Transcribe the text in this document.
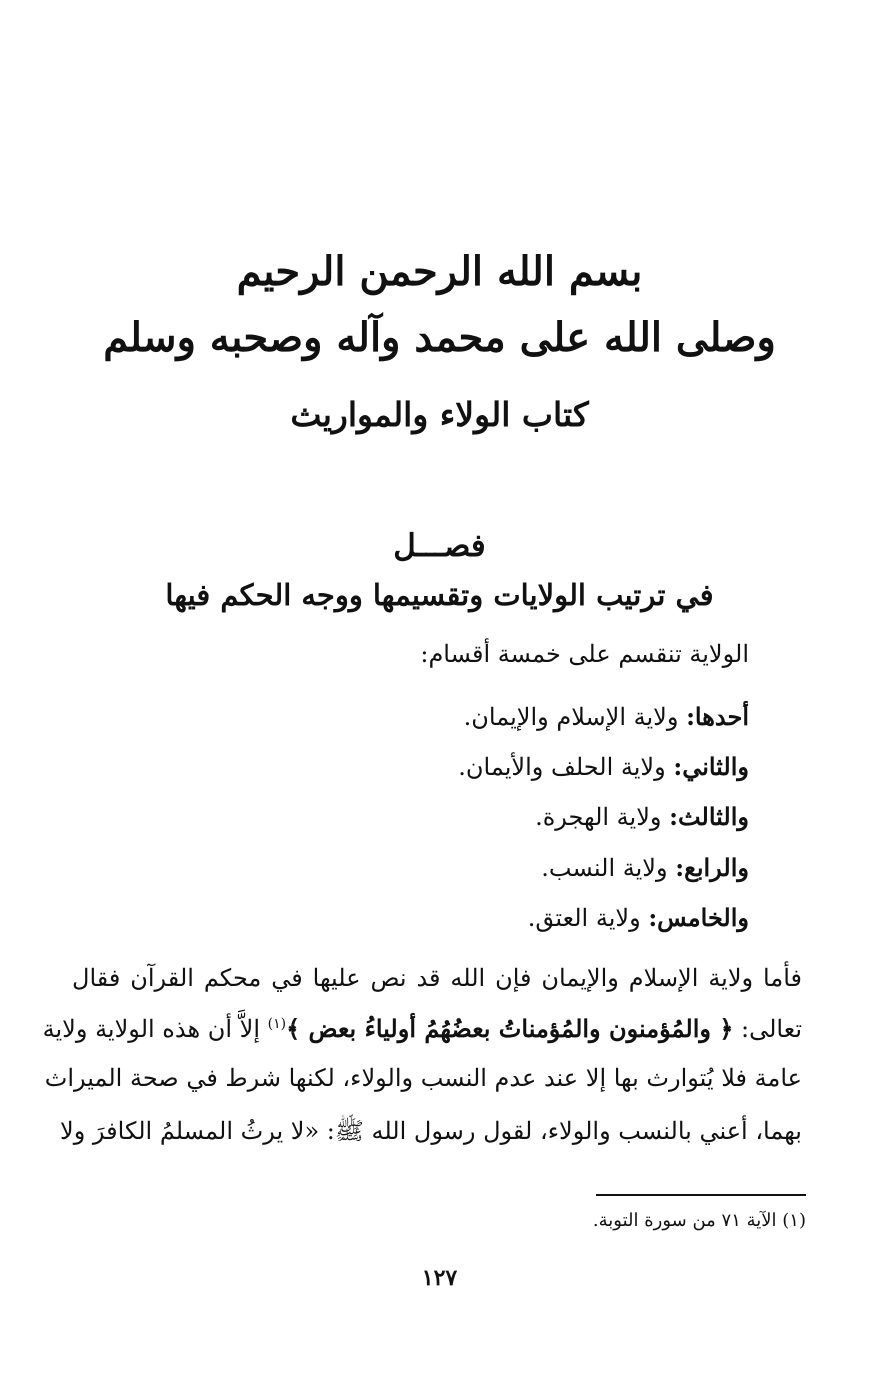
بسم الله الرحمن الرحيم
وصلى الله على محمد وآله وصحبه وسلم
كتاب الولاء والمواريث
فصـــل
في ترتيب الولايات وتقسيمها ووجه الحكم فيها
الولاية تنقسم على خمسة أقسام:
أحدها: ولاية الإسلام والإيمان.
والثاني: ولاية الحلف والأيمان.
والثالث: ولاية الهجرة.
والرابع: ولاية النسب.
والخامس: ولاية العتق.
فأما ولاية الإسلام والإيمان فإن الله قد نص عليها في محكم القرآن فقال
تعالى: ﴿ والمُؤمنون والمُؤمناتُ بعضُهُمُ أولياءُ بعض ﴾$^{(١)}$ إلاَّ أن هذه الولاية ولاية
عامة فلا يُتوارث بها إلا عند عدم النسب والولاء، لكنها شرط في صحة الميراث
بهما، أعني بالنسب والولاء، لقول رسول الله ﷺ: «لا يرثُ المسلمُ الكافرَ ولا
(١) الآية ٧١ من سورة التوبة.
١٢٧
